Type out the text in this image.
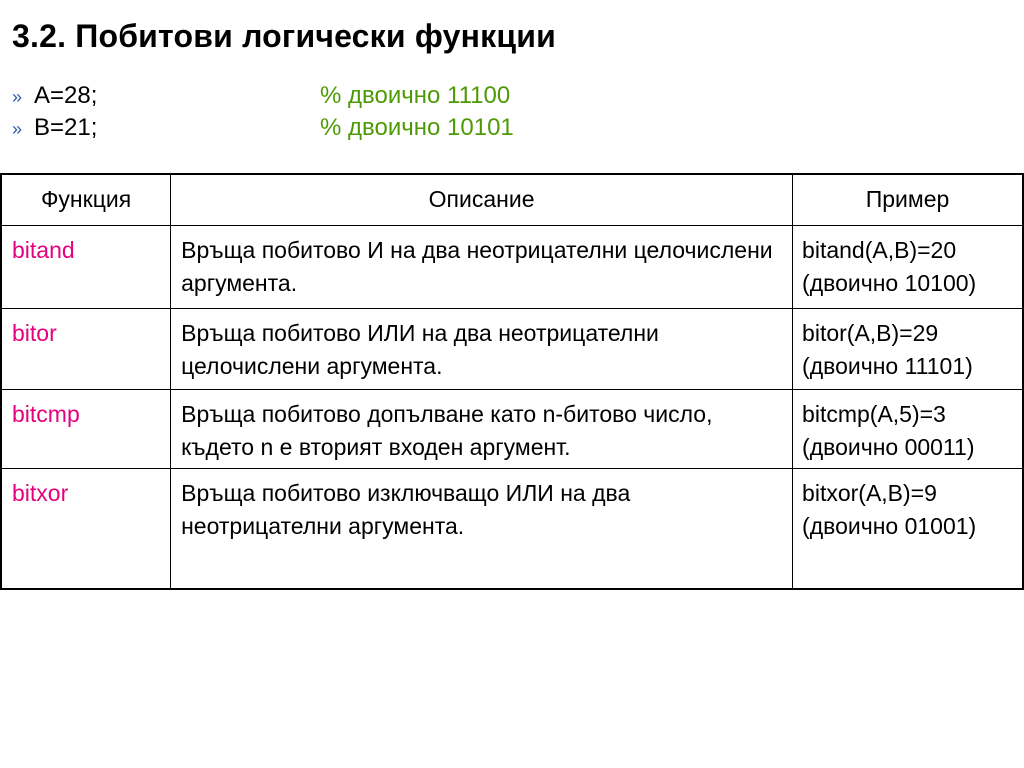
3.2. Побитови логически функции
» A=28;	% двоично 11100
» B=21;	% двоично 10101
Функция	Описание	Пример
bitand	Връща побитово И на два неотрицателни целочислени аргумента.	bitand(A,B)=20
(двоично 10100)

bitor	Връща побитово ИЛИ на два неотрицателни целочислени аргумента.	bitor(A,B)=29
(двоично 11101)

bitcmp	Връща побитово допълване като n-битово число, където n е вторият входен аргумент.	bitcmp(A,5)=3
(двоично 00011)

bitxor	Връща побитово изключващо ИЛИ на два неотрицателни аргумента.	bitxor(A,B)=9
(двоично 01001)
